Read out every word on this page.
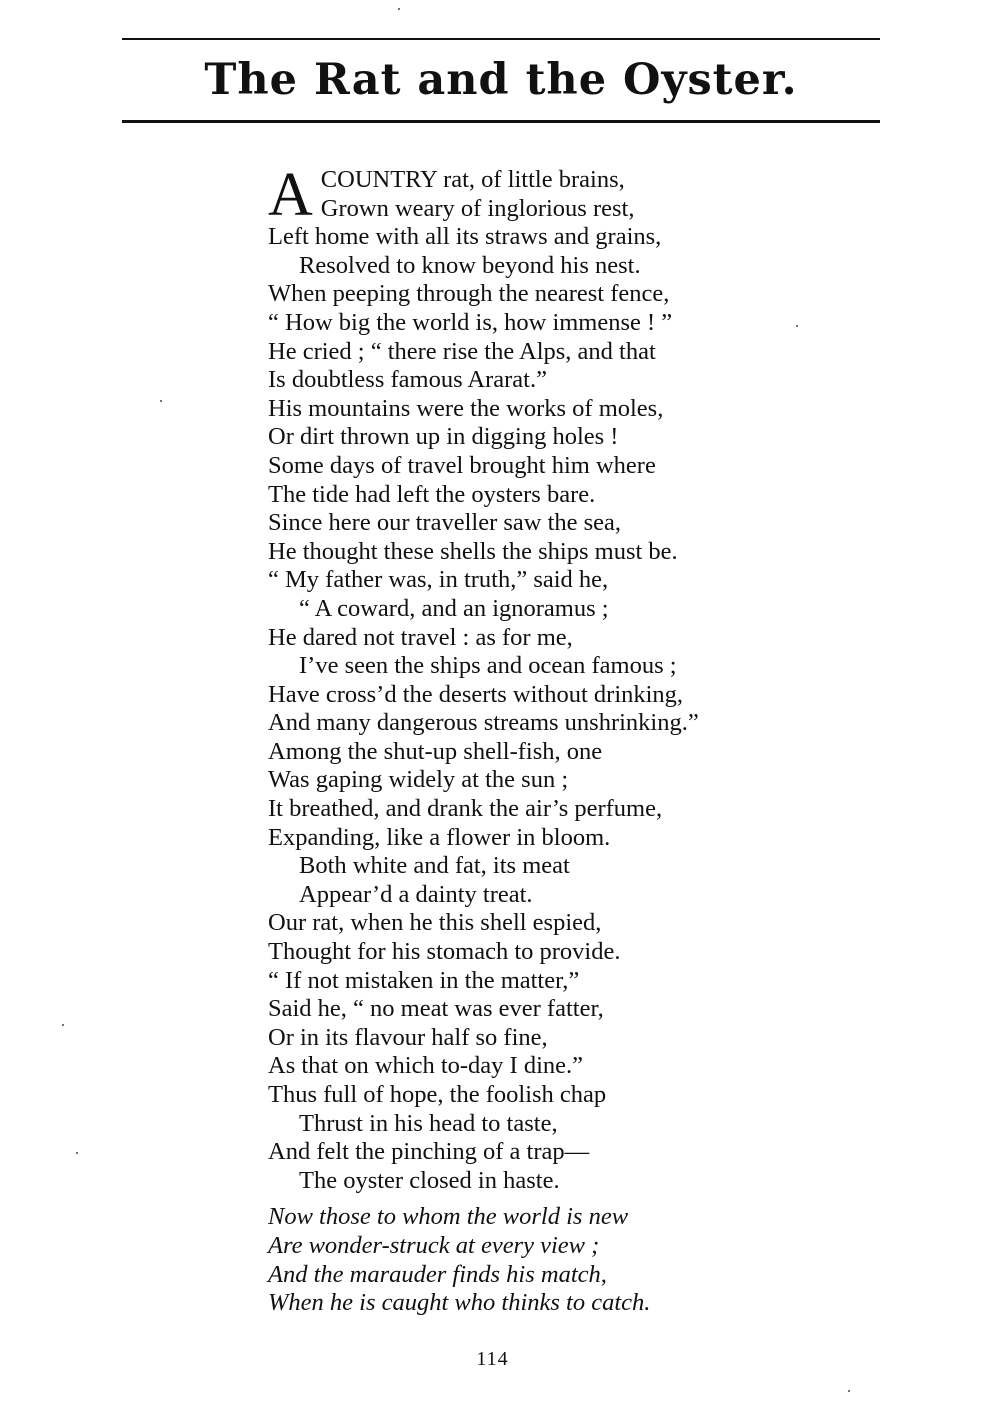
The Rat and the Oyster.
A COUNTRY rat, of little brains,
Grown weary of inglorious rest,
Left home with all its straws and grains,
Resolved to know beyond his nest.
When peeping through the nearest fence,
“ How big the world is, how immense ! ”
He cried ; “ there rise the Alps, and that
Is doubtless famous Ararat.”
His mountains were the works of moles,
Or dirt thrown up in digging holes !
Some days of travel brought him where
The tide had left the oysters bare.
Since here our traveller saw the sea,
He thought these shells the ships must be.
“ My father was, in truth,” said he,
“ A coward, and an ignoramus ;
He dared not travel : as for me,
I’ve seen the ships and ocean famous ;
Have cross’d the deserts without drinking,
And many dangerous streams unshrinking.”
Among the shut-up shell-fish, one
Was gaping widely at the sun ;
It breathed, and drank the air’s perfume,
Expanding, like a flower in bloom.
Both white and fat, its meat
Appear’d a dainty treat.
Our rat, when he this shell espied,
Thought for his stomach to provide.
“ If not mistaken in the matter,”
Said he, “ no meat was ever fatter,
Or in its flavour half so fine,
As that on which to-day I dine.”
Thus full of hope, the foolish chap
Thrust in his head to taste,
And felt the pinching of a trap—
The oyster closed in haste.
Now those to whom the world is new
Are wonder-struck at every view ;
And the marauder finds his match,
When he is caught who thinks to catch.
114
